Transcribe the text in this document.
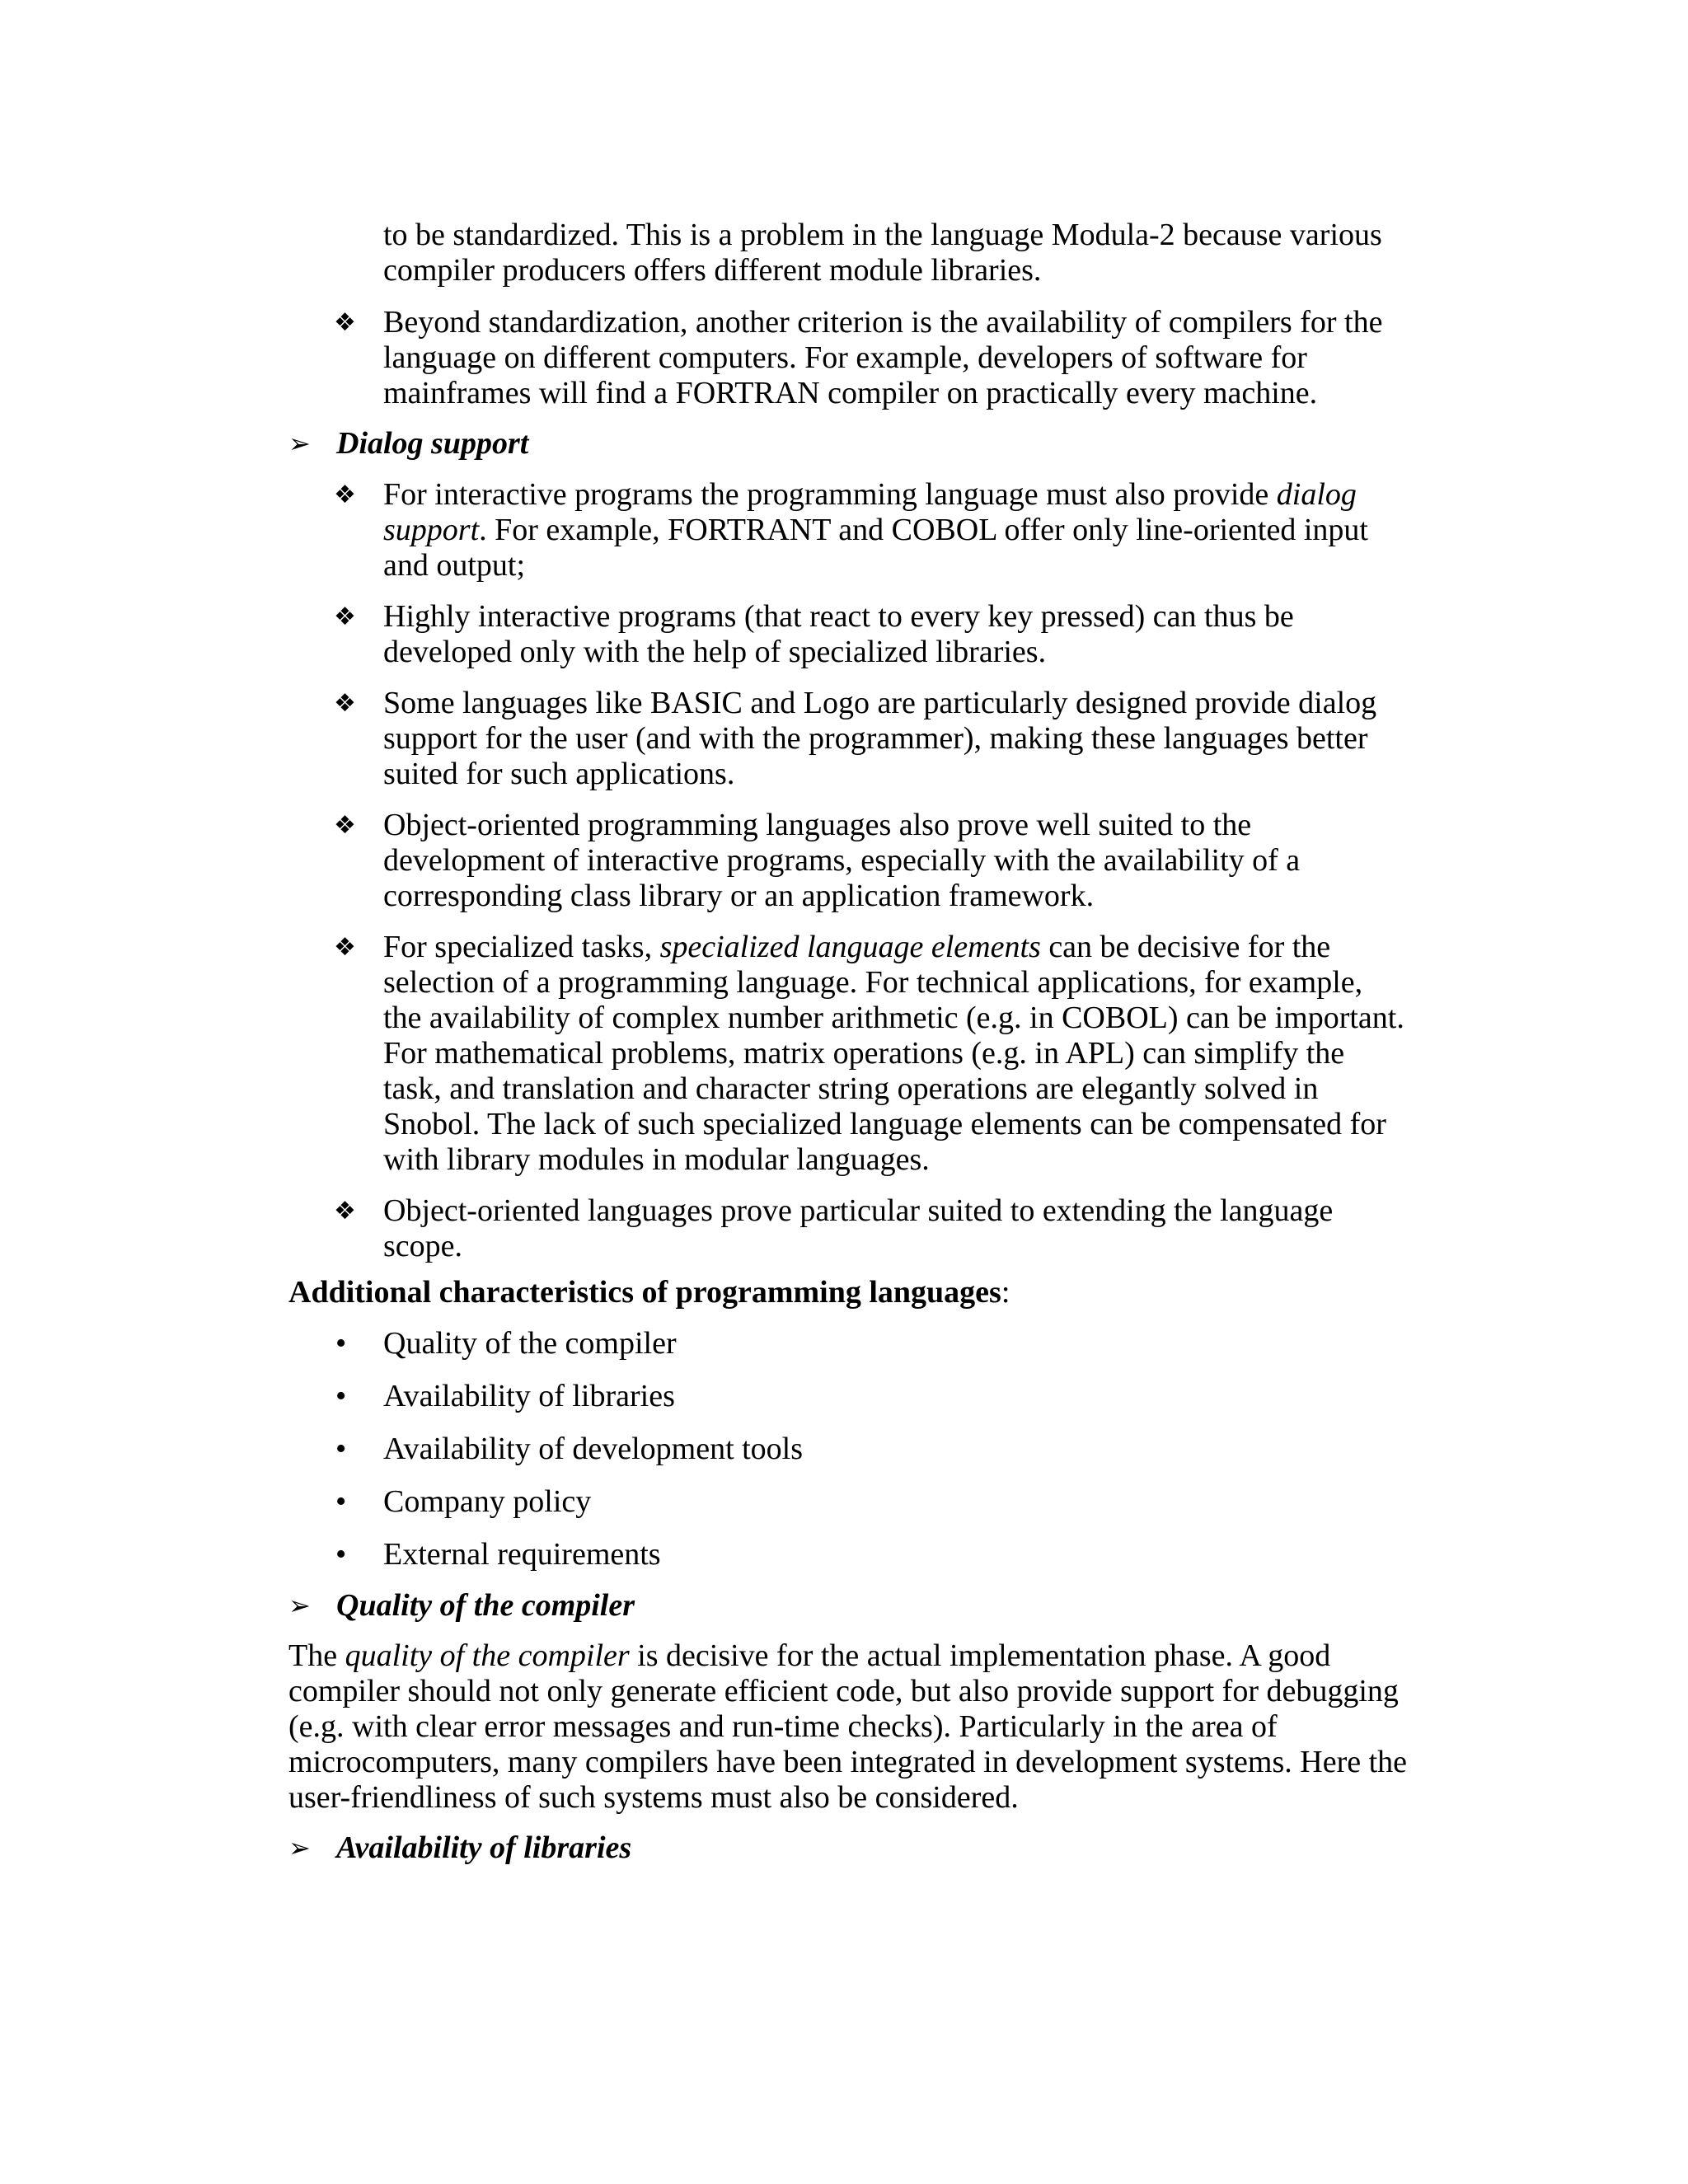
to be standardized. This is a problem in the language Modula-2 because various compiler producers offers different module libraries.
❖ Beyond standardization, another criterion is the availability of compilers for the language on different computers. For example, developers of software for mainframes will find a FORTRAN compiler on practically every machine.
➢ Dialog support
❖ For interactive programs the programming language must also provide dialog support. For example, FORTRANT and COBOL offer only line-oriented input and output;
❖ Highly interactive programs (that react to every key pressed) can thus be developed only with the help of specialized libraries.
❖ Some languages like BASIC and Logo are particularly designed provide dialog support for the user (and with the programmer), making these languages better suited for such applications.
❖ Object-oriented programming languages also prove well suited to the development of interactive programs, especially with the availability of a corresponding class library or an application framework.
❖ For specialized tasks, specialized language elements can be decisive for the selection of a programming language. For technical applications, for example, the availability of complex number arithmetic (e.g. in COBOL) can be important. For mathematical problems, matrix operations (e.g. in APL) can simplify the task, and translation and character string operations are elegantly solved in Snobol. The lack of such specialized language elements can be compensated for with library modules in modular languages.
❖ Object-oriented languages prove particular suited to extending the language scope.
Additional characteristics of programming languages:
• Quality of the compiler
• Availability of libraries
• Availability of development tools
• Company policy
• External requirements
➢ Quality of the compiler
The quality of the compiler is decisive for the actual implementation phase. A good compiler should not only generate efficient code, but also provide support for debugging (e.g. with clear error messages and run-time checks). Particularly in the area of microcomputers, many compilers have been integrated in development systems. Here the user-friendliness of such systems must also be considered.
➢ Availability of libraries
